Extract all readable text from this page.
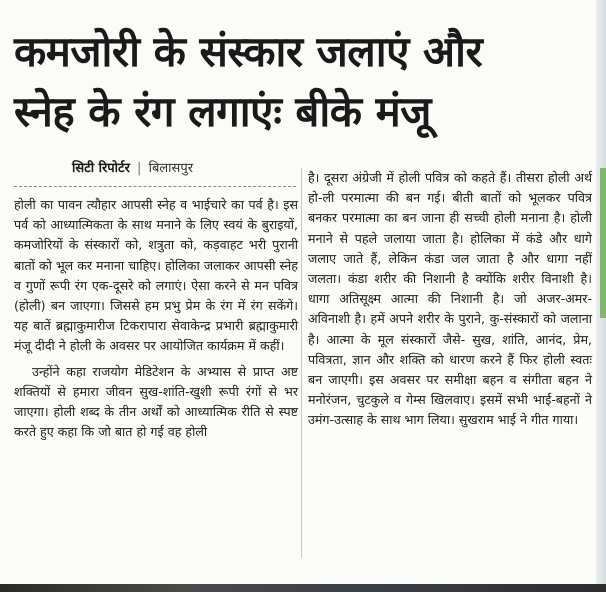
कमजोरी के संस्कार जलाएं और
स्नेह के रंग लगाएंः बीके मंजू
सिटी रिपोर्टर | बिलासपुर

होली का पावन त्यौहार आपसी स्नेह व भाईचारे का पर्व है। इस पर्व को आध्यात्मिकता के साथ मनाने के लिए स्वयं के बुराइयों, कमजोरियों के संस्कारों को, शत्रुता को, कड़वाहट भरी पुरानी बातों को भूल कर मनाना चाहिए। होलिका जलाकर आपसी स्नेह व गुणों रूपी रंग एक-दूसरे को लगाएं। ऐसा करने से मन पवित्र (होली) बन जाएगा। जिससे हम प्रभु प्रेम के रंग में रंग सकेंगे। यह बातें ब्रह्माकुमारीज टिकरापारा सेवाकेन्द्र प्रभारी ब्रह्माकुमारी मंजू दीदी ने होली के अवसर पर आयोजित कार्यक्रम में कहीं।

उन्होंने कहा राजयोग मेडिटेशन के अभ्यास से प्राप्त अष्ट शक्तियों से हमारा जीवन सुख-शांति-खुशी रूपी रंगों से भर जाएगा। होली शब्द के तीन अर्थों को आध्यात्मिक रीति से स्पष्ट करते हुए कहा कि जो बात हो गई वह होली

है। दूसरा अंग्रेजी में होली पवित्र को कहते हैं। तीसरा होली अर्थ हो-ली परमात्मा की बन गई। बीती बातों को भूलकर पवित्र बनकर परमात्मा का बन जाना ही सच्ची होली मनाना है। होली मनाने से पहले जलाया जाता है। होलिका में कंडे और धागे जलाए जाते हैं, लेकिन कंडा जल जाता है और धागा नहीं जलता। कंडा शरीर की निशानी है क्योंकि शरीर विनाशी है। धागा अतिसूक्ष्म आत्मा की निशानी है। जो अजर-अमर-अविनाशी है। हमें अपने शरीर के पुराने, कु-संस्कारों को जलाना है। आत्मा के मूल संस्कारों जैसे- सुख, शांति, आनंद, प्रेम, पवित्रता, ज्ञान और शक्ति को धारण करने हैं फिर होली स्वतः बन जाएगी। इस अवसर पर समीक्षा बहन व संगीता बहन ने मनोरंजन, चुटकुले व गेम्स खिलवाए। इसमें सभी भाई-बहनों ने उमंग-उत्साह के साथ भाग लिया। सुखराम भाई ने गीत गाया।
